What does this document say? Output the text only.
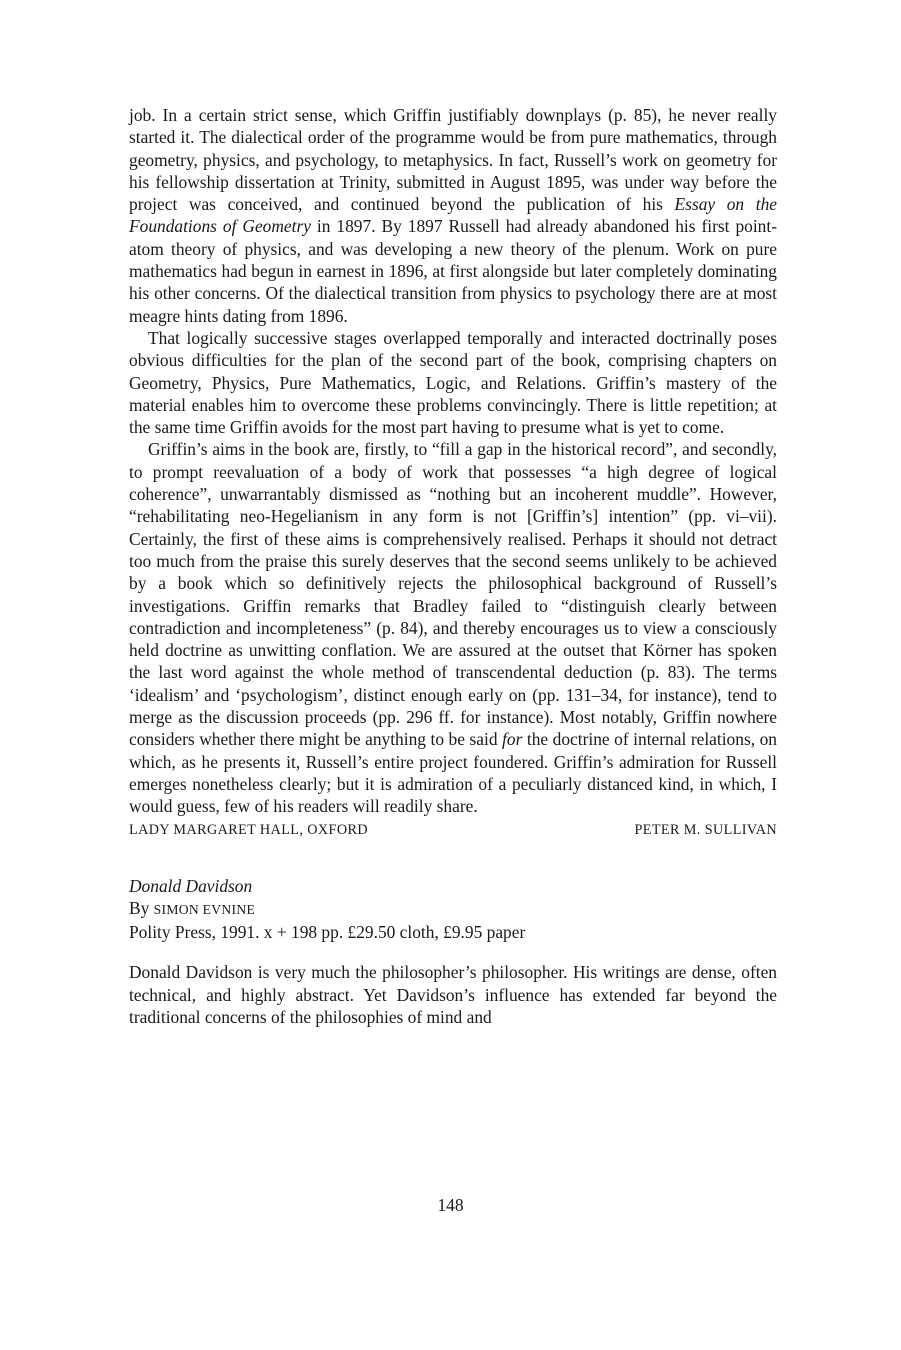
job. In a certain strict sense, which Griffin justifiably downplays (p. 85), he never really started it. The dialectical order of the programme would be from pure mathematics, through geometry, physics, and psychology, to metaphysics. In fact, Russell’s work on geometry for his fellowship dissertation at Trinity, submitted in August 1895, was under way before the project was conceived, and continued beyond the publication of his Essay on the Foundations of Geometry in 1897. By 1897 Russell had already abandoned his first point-atom theory of physics, and was developing a new theory of the plenum. Work on pure mathematics had begun in earnest in 1896, at first alongside but later completely dominating his other concerns. Of the dialectical transition from physics to psychology there are at most meagre hints dating from 1896.

That logically successive stages overlapped temporally and interacted doctrinally poses obvious difficulties for the plan of the second part of the book, comprising chapters on Geometry, Physics, Pure Mathematics, Logic, and Relations. Griffin’s mastery of the material enables him to overcome these problems convincingly. There is little repetition; at the same time Griffin avoids for the most part having to presume what is yet to come.

Griffin’s aims in the book are, firstly, to “fill a gap in the historical record”, and secondly, to prompt reevaluation of a body of work that possesses “a high degree of logical coherence”, unwarrantably dismissed as “nothing but an incoherent muddle”. However, “rehabilitating neo-Hegelianism in any form is not [Griffin’s] intention” (pp. vi–vii). Certainly, the first of these aims is comprehensively realised. Perhaps it should not detract too much from the praise this surely deserves that the second seems unlikely to be achieved by a book which so definitively rejects the philosophical background of Russell’s investigations. Griffin remarks that Bradley failed to “distinguish clearly between contradiction and incompleteness” (p. 84), and thereby encourages us to view a consciously held doctrine as unwitting conflation. We are assured at the outset that Körner has spoken the last word against the whole method of transcendental deduction (p. 83). The terms ‘idealism’ and ‘psychologism’, distinct enough early on (pp. 131–34, for instance), tend to merge as the discussion proceeds (pp. 296 ff. for instance). Most notably, Griffin nowhere considers whether there might be anything to be said for the doctrine of internal relations, on which, as he presents it, Russell’s entire project foundered. Griffin’s admiration for Russell emerges nonetheless clearly; but it is admiration of a peculiarly distanced kind, in which, I would guess, few of his readers will readily share.

LADY MARGARET HALL, OXFORD	PETER M. SULLIVAN
Donald Davidson
By SIMON EVNINE
Polity Press, 1991. x + 198 pp. £29.50 cloth, £9.95 paper

Donald Davidson is very much the philosopher’s philosopher. His writings are dense, often technical, and highly abstract. Yet Davidson’s influence has extended far beyond the traditional concerns of the philosophies of mind and

148
